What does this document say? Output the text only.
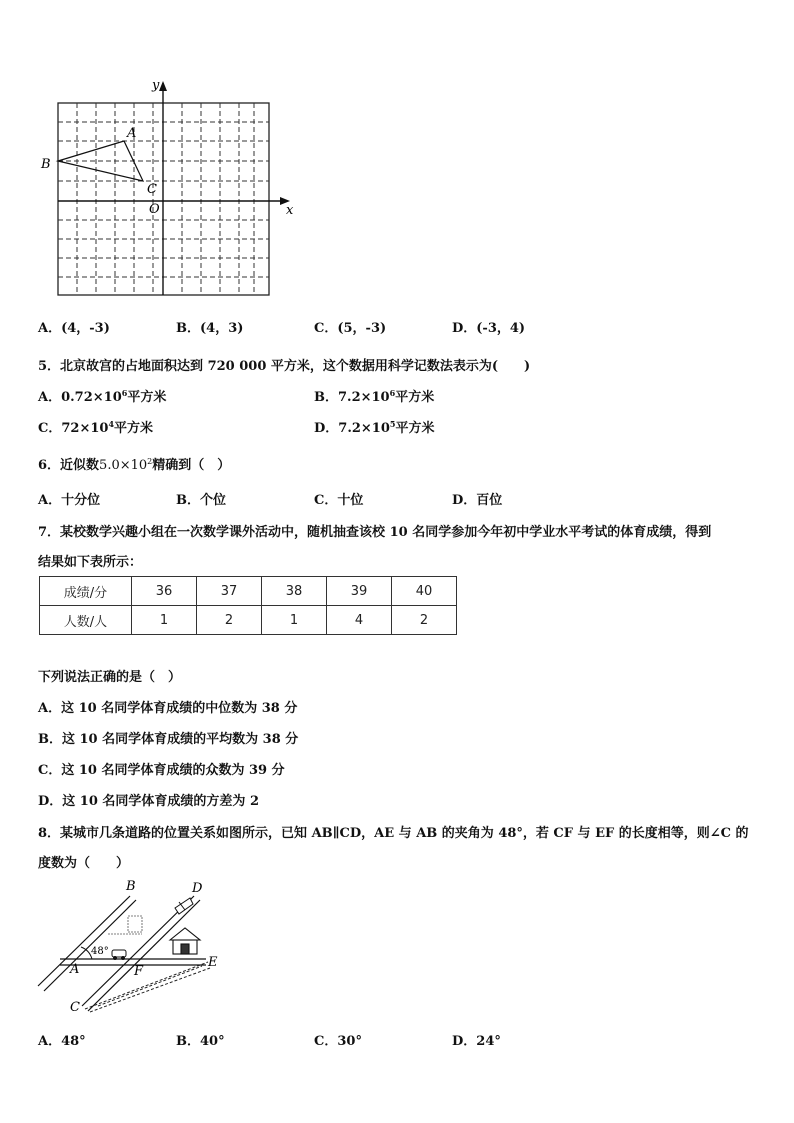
y
x
O
A
B
C
A．(4，-3)	B．(4，3)	C．(5，-3)	D．(-3，4)
5．北京故宫的占地面积达到 720 000 平方米，这个数据用科学记数法表示为(　　)
A．$0.72\times 10^6$平方米	B．$7.2\times 10^6$平方米
C．$72\times 10^4$平方米	D．$7.2\times 10^5$平方米
6．近似数$5.0\times 10^2$精确到（　）
A．十分位	B．个位	C．十位	D．百位
7．某校数学兴趣小组在一次数学课外活动中，随机抽查该校 10 名同学参加今年初中学业水平考试的体育成绩，得到
结果如下表所示：
成绩/分	36	37	38	39	40
人数/人	1	2	1	4	2
下列说法正确的是（　）
A．这 10 名同学体育成绩的中位数为 38 分
B．这 10 名同学体育成绩的平均数为 38 分
C．这 10 名同学体育成绩的众数为 39 分
D．这 10 名同学体育成绩的方差为 2
8．某城市几条道路的位置关系如图所示，已知 AB∥CD，AE 与 AB 的夹角为 48°，若 CF 与 EF 的长度相等，则∠C 的
度数为（　　）
B	D
A	F
E
C
48°
A．48°	B．40°	C．30°	D．24°
